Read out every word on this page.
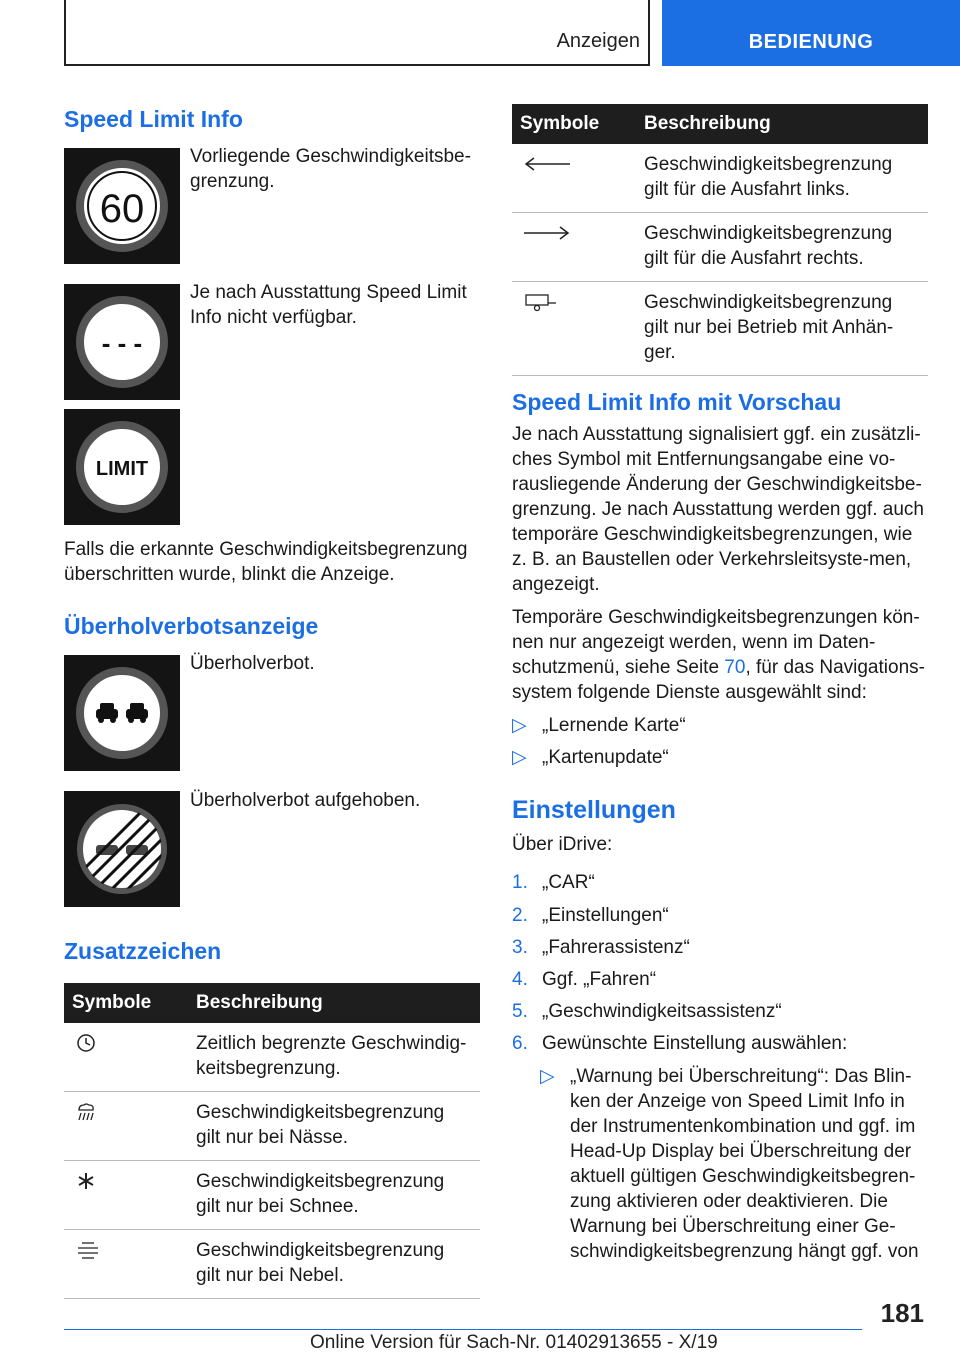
Anzeigen	BEDIENUNG
Speed Limit Info
60
Vorliegende Geschwindigkeitsbe-grenzung.
- - -
Je nach Ausstattung Speed Limit Info nicht verfügbar.
LIMIT

Falls die erkannte Geschwindigkeitsbegrenzung überschritten wurde, blinkt die Anzeige.

Überholverbotsanzeige
Überholverbot.
Überholverbot aufgehoben.
Zusatzzeichen
Symbole	Beschreibung

	Zeitlich begrenzte Geschwindig-keitsbegrenzung.

	Geschwindigkeitsbegrenzung gilt nur bei Nässe.

	Geschwindigkeitsbegrenzung gilt nur bei Schnee.

	Geschwindigkeitsbegrenzung gilt nur bei Nebel.
Symbole	Beschreibung

	Geschwindigkeitsbegrenzung gilt für die Ausfahrt links.

	Geschwindigkeitsbegrenzung gilt für die Ausfahrt rechts.

	Geschwindigkeitsbegrenzung gilt nur bei Betrieb mit Anhän-ger.
Speed Limit Info mit Vorschau

Je nach Ausstattung signalisiert ggf. ein zusätzli-ches Symbol mit Entfernungsangabe eine vo-rausliegende Änderung der Geschwindigkeitsbe-grenzung. Je nach Ausstattung werden ggf. auch temporäre Geschwindigkeitsbegrenzungen, wie z. B. an Baustellen oder Verkehrsleitsyste-men, angezeigt.

Temporäre Geschwindigkeitsbegrenzungen kön-nen nur angezeigt werden, wenn im Daten-schutzmenü, siehe Seite 70, für das Navigations-system folgende Dienste ausgewählt sind:

▷ „Lernende Karte“
▷ „Kartenupdate“
Einstellungen

Über iDrive:

1. „CAR“
2. „Einstellungen“
3. „Fahrerassistenz“
4. Ggf. „Fahren“
5. „Geschwindigkeitsassistenz“
6. Gewünschte Einstellung auswählen:
▷ „Warnung bei Überschreitung“: Das Blin-ken der Anzeige von Speed Limit Info in der Instrumentenkombination und ggf. im Head-Up Display bei Überschreitung der aktuell gültigen Geschwindigkeitsbegren-zung aktivieren oder deaktivieren. Die Warnung bei Überschreitung einer Ge-schwindigkeitsbegrenzung hängt ggf. von
181
Online Version für Sach-Nr. 01402913655 - X/19
